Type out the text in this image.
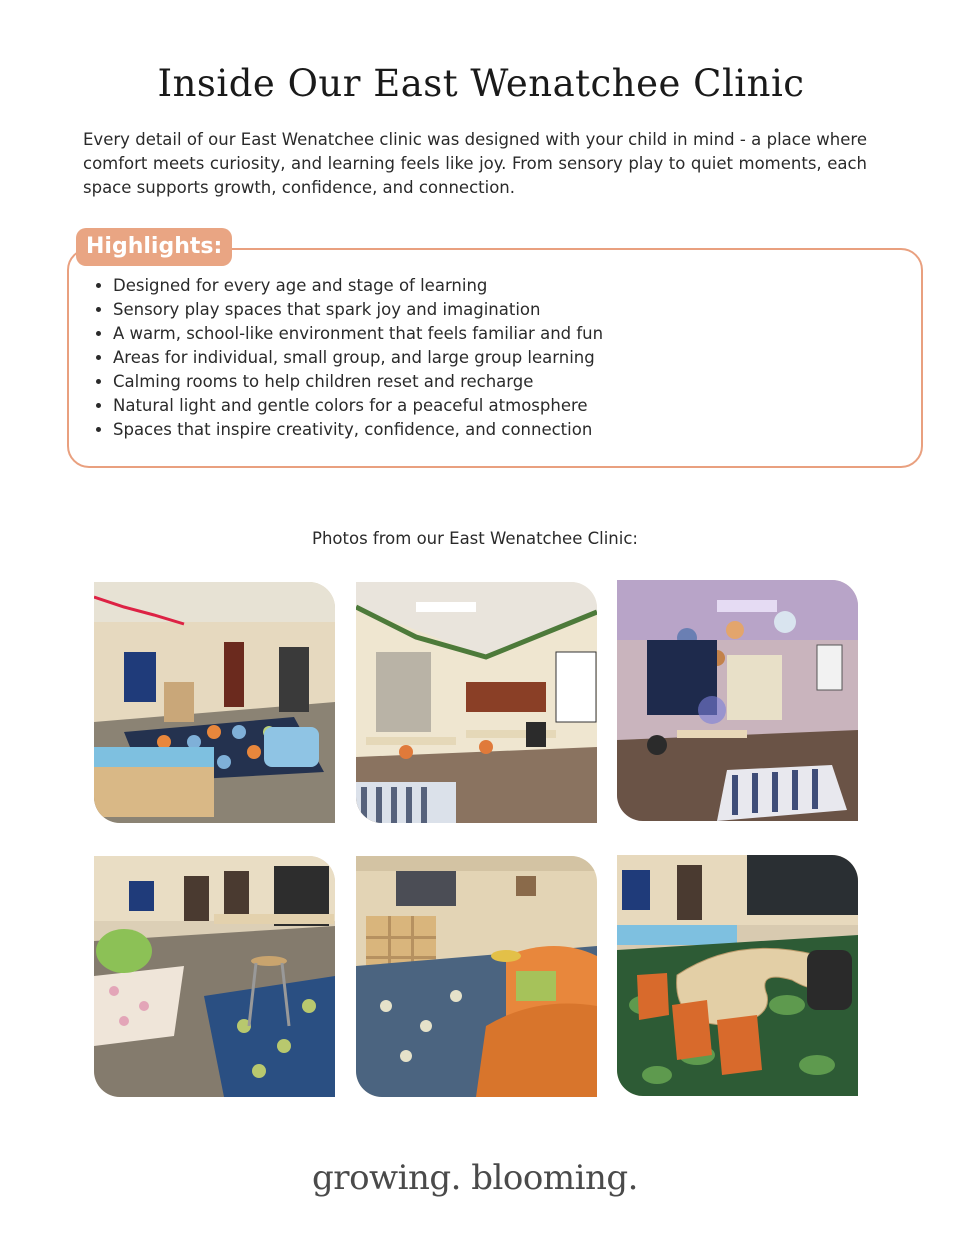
Inside Our East Wenatchee Clinic
Every detail of our East Wenatchee clinic was designed with your child in mind - a place where comfort meets curiosity, and learning feels like joy. From sensory play to quiet moments, each space supports growth, confidence, and connection.
Highlights:
• Designed for every age and stage of learning
• Sensory play spaces that spark joy and imagination
• A warm, school-like environment that feels familiar and fun
• Areas for individual, small group, and large group learning
• Calming rooms to help children reset and recharge
• Natural light and gentle colors for a peaceful atmosphere
• Spaces that inspire creativity, confidence, and connection
Photos from our East Wenatchee Clinic:
growing. blooming.
